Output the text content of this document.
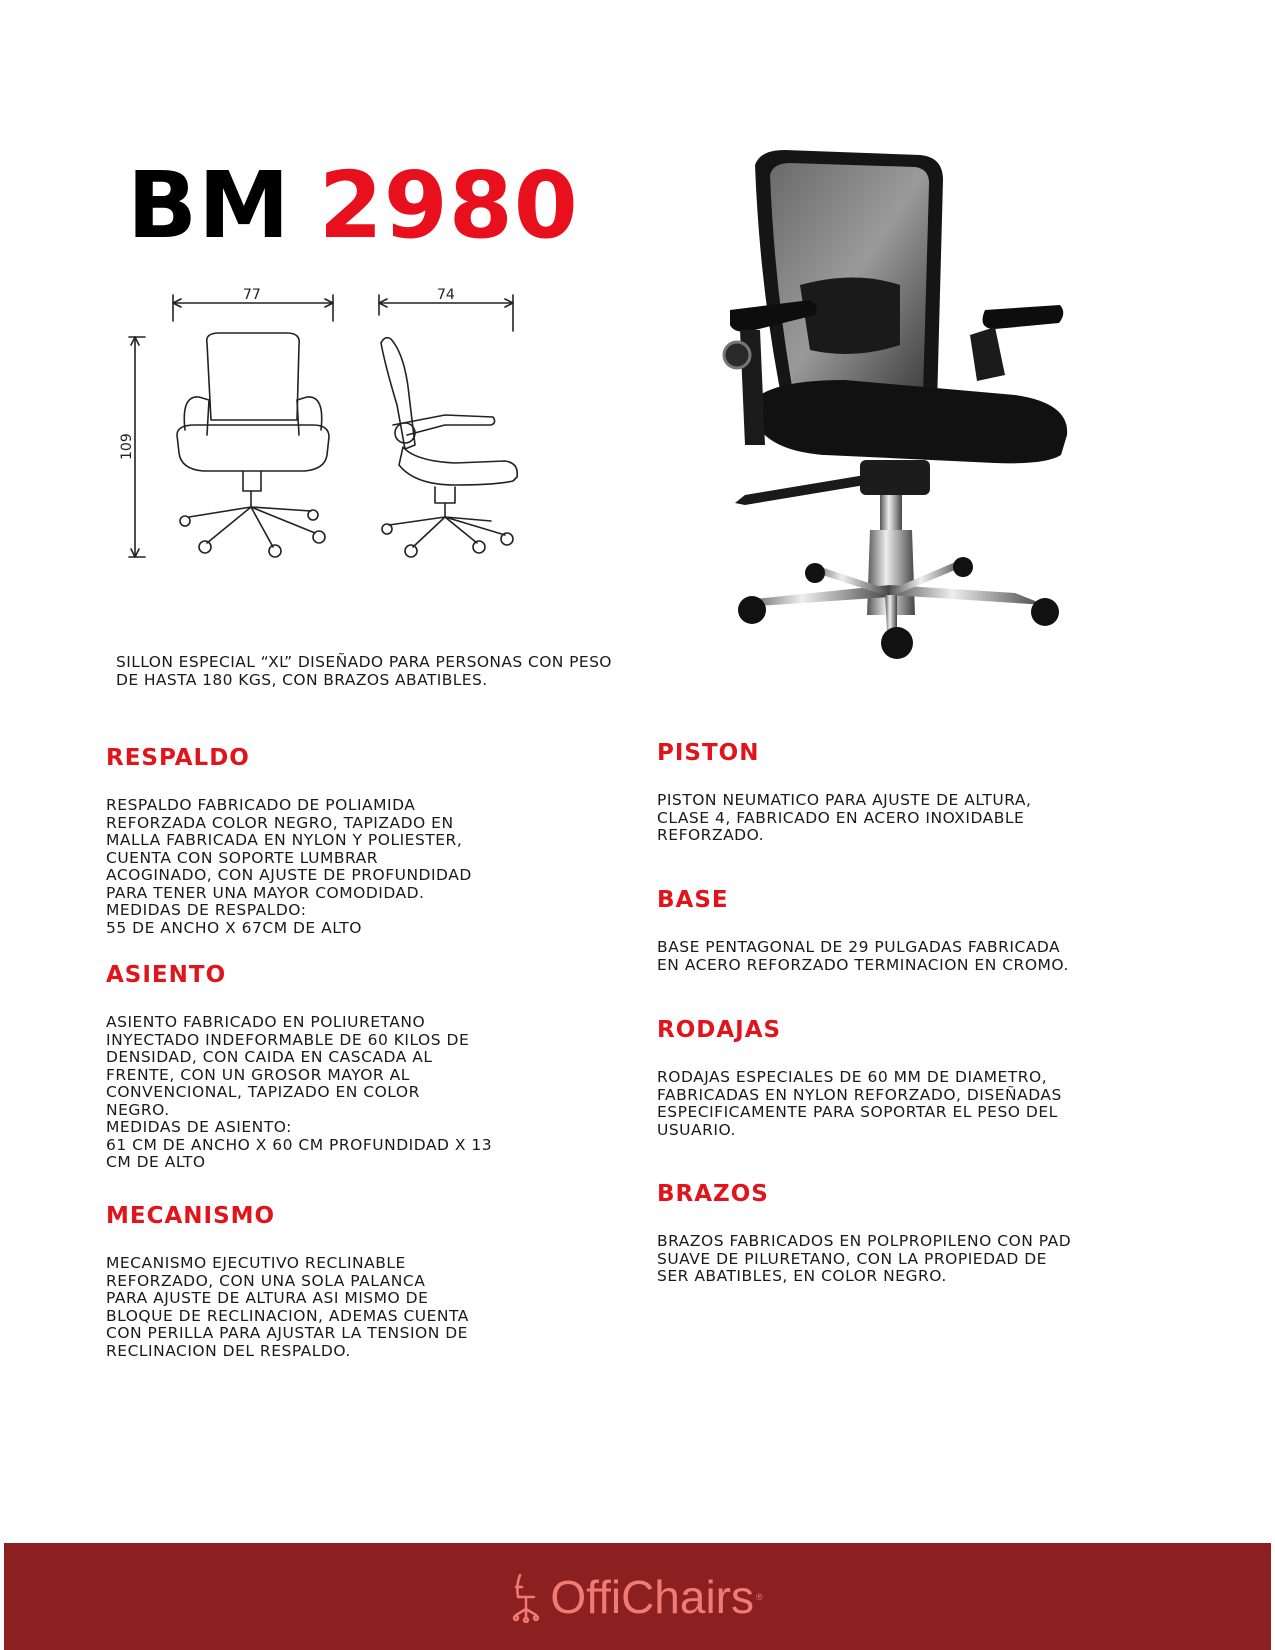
BM 2980
77	74
109
SILLON ESPECIAL “XL” DISEÑADO PARA PERSONAS CON PESO DE HASTA 180 KGS, CON BRAZOS ABATIBLES.
RESPALDO
RESPALDO FABRICADO DE POLIAMIDA
REFORZADA COLOR NEGRO, TAPIZADO EN
MALLA FABRICADA EN NYLON Y POLIESTER,
CUENTA CON SOPORTE LUMBRAR
ACOGINADO, CON AJUSTE DE PROFUNDIDAD
PARA TENER UNA MAYOR COMODIDAD.
MEDIDAS DE RESPALDO:
55 DE ANCHO X 67CM DE ALTO
ASIENTO
ASIENTO FABRICADO EN POLIURETANO
INYECTADO INDEFORMABLE DE 60 KILOS DE
DENSIDAD, CON CAIDA EN CASCADA AL
FRENTE, CON UN GROSOR MAYOR AL
CONVENCIONAL, TAPIZADO EN COLOR
NEGRO.
MEDIDAS DE ASIENTO:
61 CM DE ANCHO X 60 CM PROFUNDIDAD X 13
CM DE ALTO
MECANISMO
MECANISMO EJECUTIVO RECLINABLE
REFORZADO, CON UNA SOLA PALANCA
PARA AJUSTE DE ALTURA ASI MISMO DE
BLOQUE DE RECLINACION, ADEMAS CUENTA
CON PERILLA PARA AJUSTAR LA TENSION DE
RECLINACION DEL RESPALDO.
PISTON
PISTON NEUMATICO PARA AJUSTE DE ALTURA,
CLASE 4, FABRICADO EN ACERO INOXIDABLE
REFORZADO.
BASE
BASE PENTAGONAL DE 29 PULGADAS FABRICADA
EN ACERO REFORZADO TERMINACION EN CROMO.
RODAJAS
RODAJAS ESPECIALES DE 60 MM DE DIAMETRO,
FABRICADAS EN NYLON REFORZADO, DISEÑADAS
ESPECIFICAMENTE PARA SOPORTAR EL PESO DEL
USUARIO.
BRAZOS
BRAZOS FABRICADOS EN POLPROPILENO CON PAD
SUAVE DE PILURETANO, CON LA PROPIEDAD DE
SER ABATIBLES, EN COLOR NEGRO.
OffiChairs ®
